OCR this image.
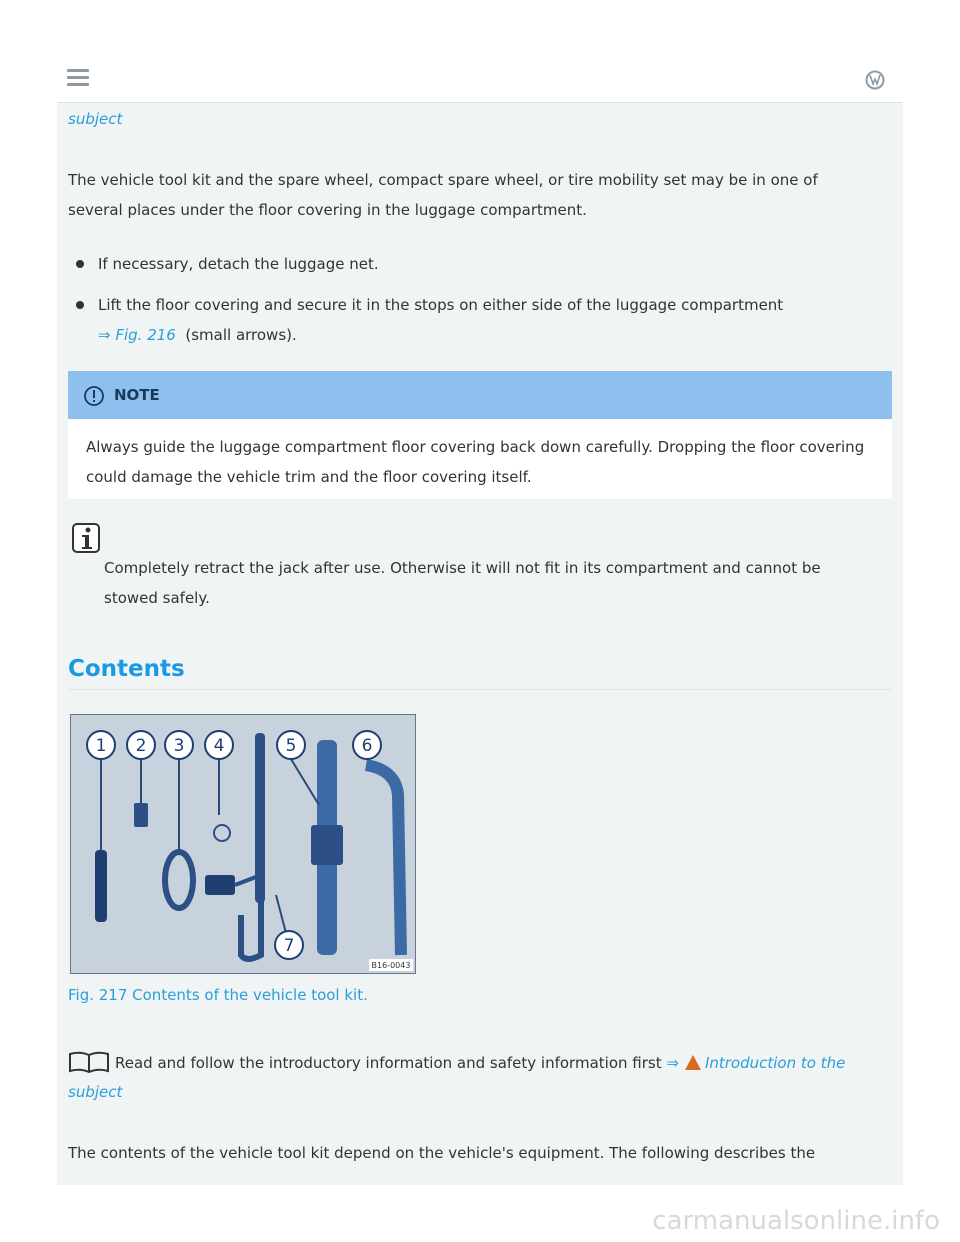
subject
The vehicle tool kit and the spare wheel, compact spare wheel, or tire mobility set may be in one of several places under the floor covering in the luggage compartment.
If necessary, detach the luggage net.
Lift the floor covering and secure it in the stops on either side of the luggage compartment
⇒ Fig. 216 (small arrows).
NOTE
Always guide the luggage compartment floor covering back down carefully. Dropping the floor covering could damage the vehicle trim and the floor covering itself.
Completely retract the jack after use. Otherwise it will not fit in its compartment and cannot be stowed safely.
Contents
1 2 3 4	5	6
7
B16-0043
Fig. 217 Contents of the vehicle tool kit.
Read and follow the introductory information and safety information first ⇒ Introduction to the
subject
The contents of the vehicle tool kit depend on the vehicle's equipment. The following describes the
carmanualsonline.info
